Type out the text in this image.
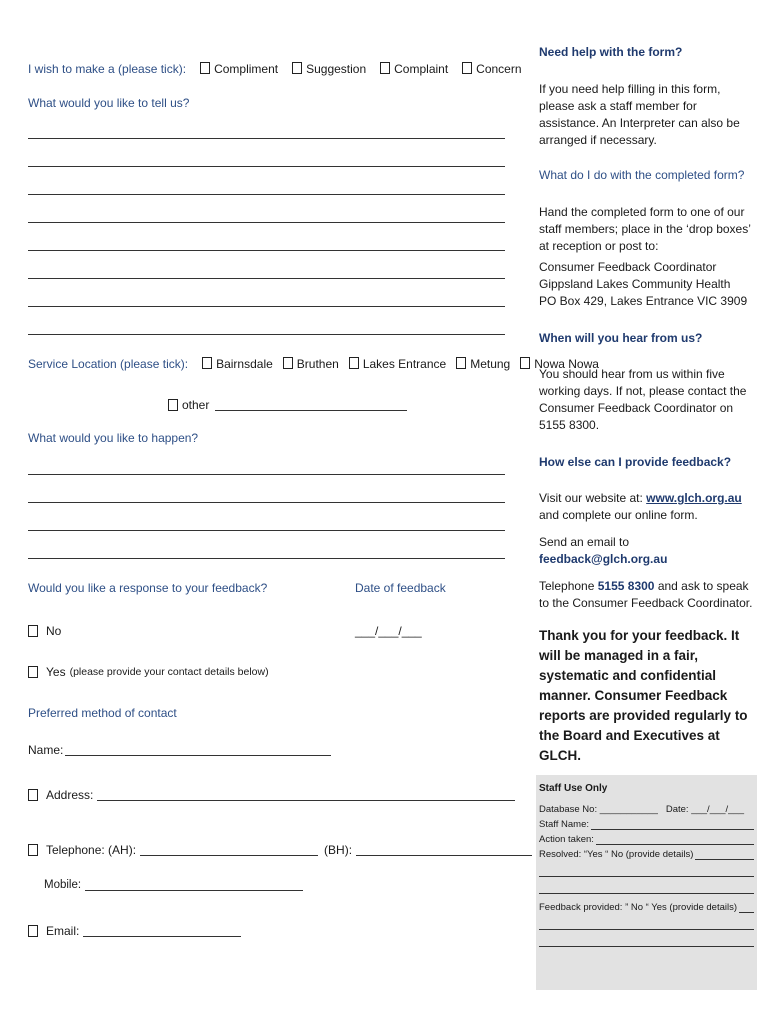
I wish to make a (please tick):	Compliment	Suggestion	Complaint	Concern
What would you like to tell us?
Service Location (please tick):	Bairnsdale	Bruthen	Lakes Entrance	Metung	Nowa Nowa
other
What would you like to happen?
Would you like a response to your feedback?	Date of feedback
No	___/___/___
Yes (please provide your contact details below)
Preferred method of contact
Name:
Address:
Telephone: (AH):	(BH):
Mobile:
Email:

Need help with the form?

If you need help filling in this form, please ask a staff member for assistance. An Interpreter can also be arranged if necessary.

What do I do with the completed form?

Hand the completed form to one of our staff members; place in the ‘drop boxes’ at reception or post to:

Consumer Feedback Coordinator

Gippsland Lakes Community Health

PO Box 429, Lakes Entrance VIC 3909

When will you hear from us?

You should hear from us within five working days. If not, please contact the Consumer Feedback Coordinator on 5155 8300.

How else can I provide feedback?

Visit our website at: www.glch.org.au and complete our online form.

Send an email to feedback@glch.org.au

Telephone 5155 8300 and ask to speak to the Consumer Feedback Coordinator.

Thank you for your feedback. It will be managed in a fair, systematic and confidential manner. Consumer Feedback reports are provided regularly to the Board and Executives at GLCH.

Staff Use Only
Database No: ___________ Date: ___/___/___
Staff Name:
Action taken:
Resolved: “Yes “ No (provide details)
Feedback provided: ” No “ Yes (provide details)
